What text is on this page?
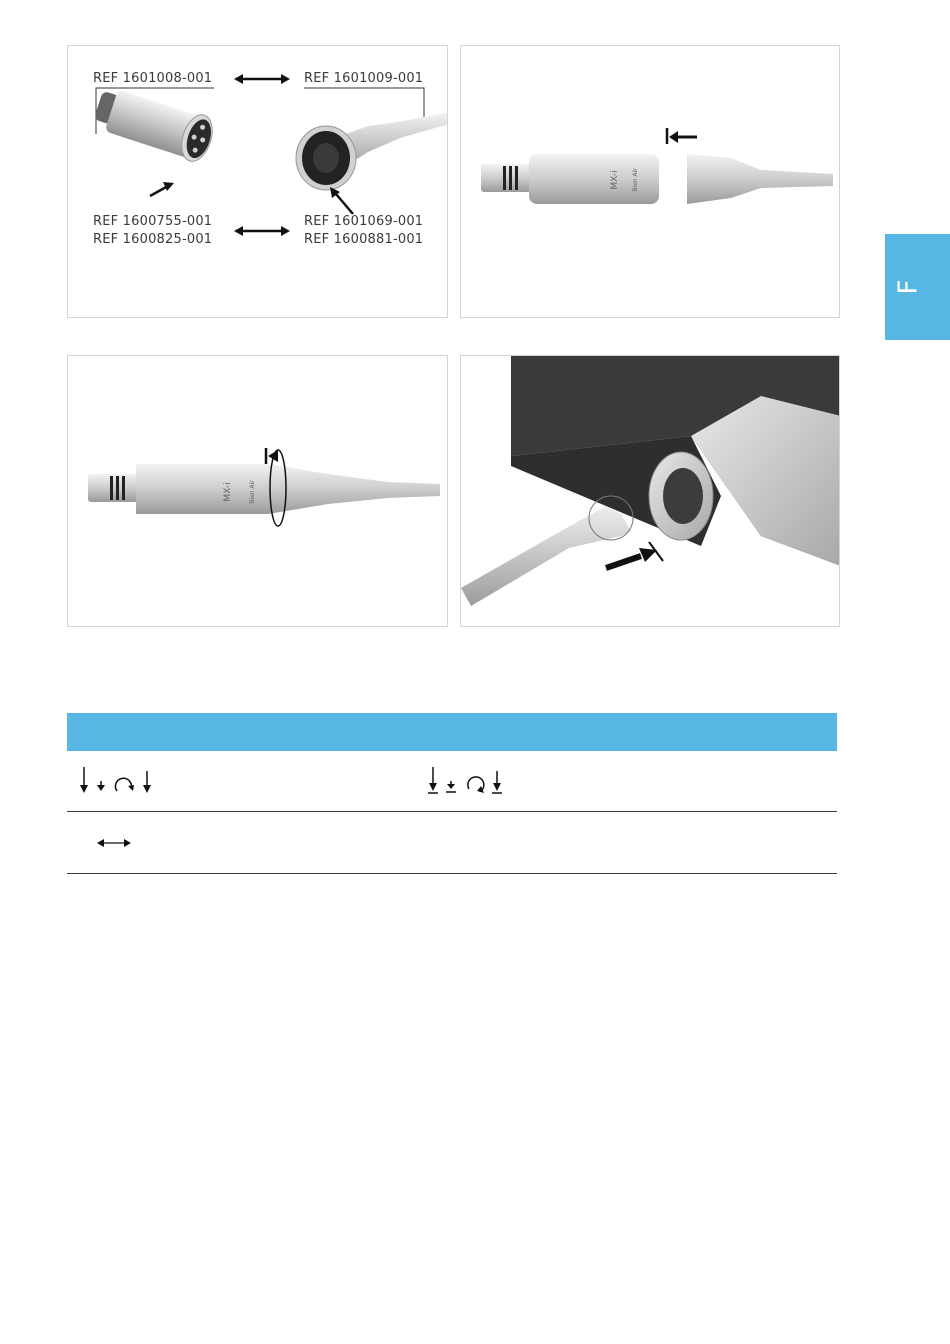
F
REF 1601008-001	REF 1601009-001
REF 1600755-001
REF 1600825-001
REF 1601069-001
REF 1600881-001
MX-i Bien Air
MX-i	Bien Air
